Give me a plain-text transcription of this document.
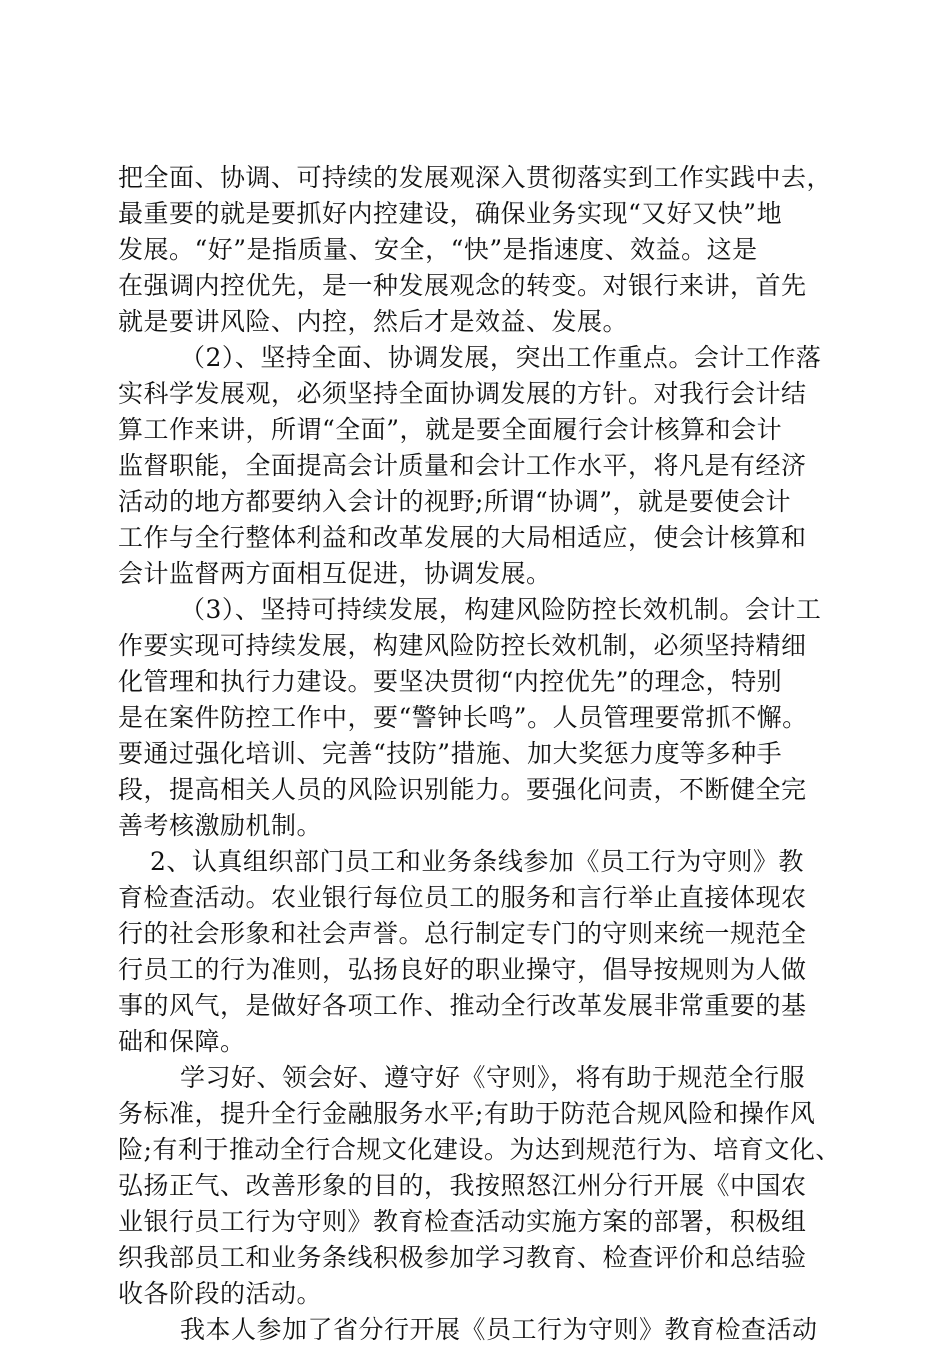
把全面、协调、可持续的发展观深入贯彻落实到工作实践中去，
最重要的就是要抓好内控建设，确保业务实现“又好又快”地
发展。“好”是指质量、安全，“快”是指速度、效益。这是
在强调内控优先，是一种发展观念的转变。对银行来讲，首先
就是要讲风险、内控，然后才是效益、发展。
（2）、坚持全面、协调发展，突出工作重点。会计工作落
实科学发展观，必须坚持全面协调发展的方针。对我行会计结
算工作来讲，所谓“全面”，就是要全面履行会计核算和会计
监督职能，全面提高会计质量和会计工作水平，将凡是有经济
活动的地方都要纳入会计的视野;所谓“协调”，就是要使会计
工作与全行整体利益和改革发展的大局相适应，使会计核算和
会计监督两方面相互促进，协调发展。
（3）、坚持可持续发展，构建风险防控长效机制。会计工
作要实现可持续发展，构建风险防控长效机制，必须坚持精细
化管理和执行力建设。要坚决贯彻“内控优先”的理念，特别
是在案件防控工作中，要“警钟长鸣”。人员管理要常抓不懈。
要通过强化培训、完善“技防”措施、加大奖惩力度等多种手
段，提高相关人员的风险识别能力。要强化问责，不断健全完
善考核激励机制。
2、认真组织部门员工和业务条线参加《员工行为守则》教
育检查活动。农业银行每位员工的服务和言行举止直接体现农
行的社会形象和社会声誉。总行制定专门的守则来统一规范全
行员工的行为准则，弘扬良好的职业操守，倡导按规则为人做
事的风气，是做好各项工作、推动全行改革发展非常重要的基
础和保障。
学习好、领会好、遵守好《守则》，将有助于规范全行服
务标准，提升全行金融服务水平;有助于防范合规风险和操作风
险;有利于推动全行合规文化建设。为达到规范行为、培育文化、
弘扬正气、改善形象的目的，我按照怒江州分行开展《中国农
业银行员工行为守则》教育检查活动实施方案的部署，积极组
织我部员工和业务条线积极参加学习教育、检查评价和总结验
收各阶段的活动。
我本人参加了省分行开展《员工行为守则》教育检查活动
